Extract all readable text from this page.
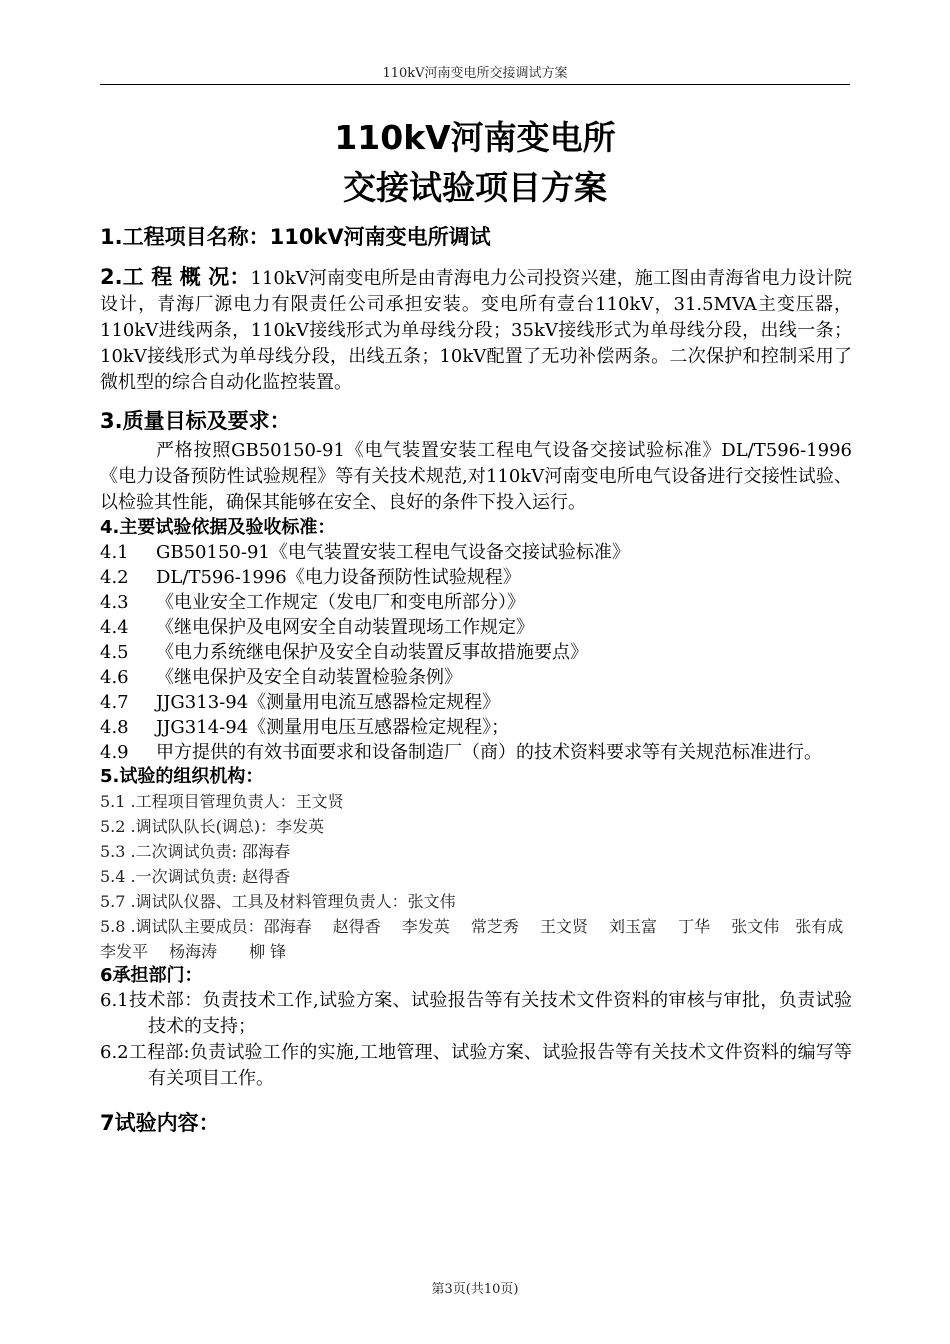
110kV河南变电所交接调试方案
110kV河南变电所
交接试验项目方案

1.工程项目名称：110kV河南变电所调试

2.工 程 概 况：110kV河南变电所是由青海电力公司投资兴建，施工图由青海省电力设计院设计，青海厂源电力有限责任公司承担安装。变电所有壹台110kV，31.5MVA主变压器，110kV进线两条，110kV接线形式为单母线分段；35kV接线形式为单母线分段，出线一条；10kV接线形式为单母线分段，出线五条；10kV配置了无功补偿两条。二次保护和控制采用了微机型的综合自动化监控装置。

3.质量目标及要求：

严格按照GB50150-91《电气装置安装工程电气设备交接试验标准》DL/T596-1996《电力设备预防性试验规程》等有关技术规范,对110kV河南变电所电气设备进行交接性试验、以检验其性能，确保其能够在安全、良好的条件下投入运行。

4.主要试验依据及验收标准：

4.1 GB50150-91《电气装置安装工程电气设备交接试验标准》

4.2 DL/T596-1996《电力设备预防性试验规程》

4.3 《电业安全工作规定（发电厂和变电所部分）》

4.4 《继电保护及电网安全自动装置现场工作规定》

4.5 《电力系统继电保护及安全自动装置反事故措施要点》

4.6 《继电保护及安全自动装置检验条例》

4.7 JJG313-94《测量用电流互感器检定规程》

4.8 JJG314-94《测量用电压互感器检定规程》；

4.9 甲方提供的有效书面要求和设备制造厂（商）的技术资料要求等有关规范标准进行。

5.试验的组织机构：

5.1 .工程项目管理负责人：王文贤

5.2 .调试队队长(调总)：李发英

5.3 .二次调试负责: 邵海春

5.4 .一次调试负责: 赵得香

5.7 .调试队仪器、工具及材料管理负责人：张文伟

5.8 .调试队主要成员：邵海春　 赵得香　 李发英　 常芝秀　 王文贤　 刘玉富　 丁华　 张文伟　张有成　 李发平　 杨海涛　　柳 锋

6承担部门：

6.1技术部：负责技术工作,试验方案、试验报告等有关技术文件资料的审核与审批，负责试验技术的支持；

6.2工程部:负责试验工作的实施,工地管理、试验方案、试验报告等有关技术文件资料的编写等有关项目工作。

7试验内容：

第3页(共10页)
